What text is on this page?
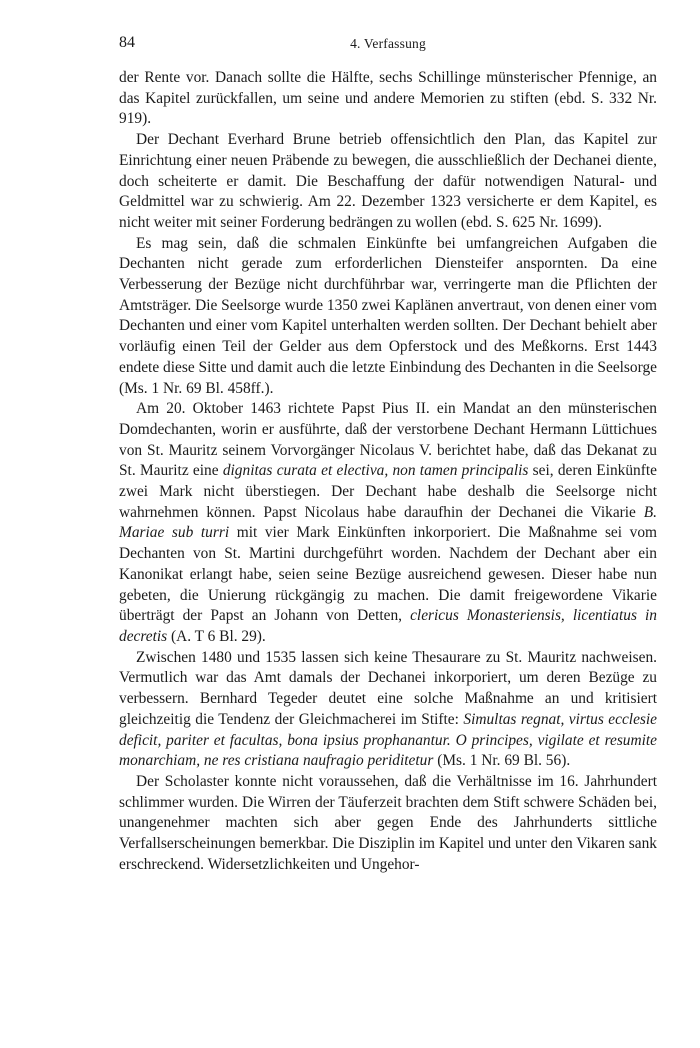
84	4. Verfassung

der Rente vor. Danach sollte die Hälfte, sechs Schillinge münsterischer Pfennige, an das Kapitel zurückfallen, um seine und andere Memorien zu stiften (ebd. S. 332 Nr. 919).

Der Dechant Everhard Brune betrieb offensichtlich den Plan, das Kapitel zur Einrichtung einer neuen Präbende zu bewegen, die ausschließlich der Dechanei diente, doch scheiterte er damit. Die Beschaffung der dafür notwendigen Natural- und Geldmittel war zu schwierig. Am 22. Dezember 1323 versicherte er dem Kapitel, es nicht weiter mit seiner Forderung bedrängen zu wollen (ebd. S. 625 Nr. 1699).

Es mag sein, daß die schmalen Einkünfte bei umfangreichen Aufgaben die Dechanten nicht gerade zum erforderlichen Diensteifer anspornten. Da eine Verbesserung der Bezüge nicht durchführbar war, verringerte man die Pflichten der Amtsträger. Die Seelsorge wurde 1350 zwei Kaplänen anvertraut, von denen einer vom Dechanten und einer vom Kapitel unterhalten werden sollten. Der Dechant behielt aber vorläufig einen Teil der Gelder aus dem Opferstock und des Meßkorns. Erst 1443 endete diese Sitte und damit auch die letzte Einbindung des Dechanten in die Seelsorge (Ms. 1 Nr. 69 Bl. 458ff.).

Am 20. Oktober 1463 richtete Papst Pius II. ein Mandat an den münsterischen Domdechanten, worin er ausführte, daß der verstorbene Dechant Hermann Lüttichues von St. Mauritz seinem Vorvorgänger Nicolaus V. berichtet habe, daß das Dekanat zu St. Mauritz eine dignitas curata et electiva, non tamen principalis sei, deren Einkünfte zwei Mark nicht überstiegen. Der Dechant habe deshalb die Seelsorge nicht wahrnehmen können. Papst Nicolaus habe daraufhin der Dechanei die Vikarie B. Mariae sub turri mit vier Mark Einkünften inkorporiert. Die Maßnahme sei vom Dechanten von St. Martini durchgeführt worden. Nachdem der Dechant aber ein Kanonikat erlangt habe, seien seine Bezüge ausreichend gewesen. Dieser habe nun gebeten, die Unierung rückgängig zu machen. Die damit freigewordene Vikarie überträgt der Papst an Johann von Detten, clericus Monasteriensis, licentiatus in decretis (A. T 6 Bl. 29).

Zwischen 1480 und 1535 lassen sich keine Thesaurare zu St. Mauritz nachweisen. Vermutlich war das Amt damals der Dechanei inkorporiert, um deren Bezüge zu verbessern. Bernhard Tegeder deutet eine solche Maßnahme an und kritisiert gleichzeitig die Tendenz der Gleichmacherei im Stifte: Simultas regnat, virtus ecclesie deficit, pariter et facultas, bona ipsius prophanantur. O principes, vigilate et resumite monarchiam, ne res cristiana naufragio periditetur (Ms. 1 Nr. 69 Bl. 56).

Der Scholaster konnte nicht voraussehen, daß die Verhältnisse im 16. Jahrhundert schlimmer wurden. Die Wirren der Täuferzeit brachten dem Stift schwere Schäden bei, unangenehmer machten sich aber gegen Ende des Jahrhunderts sittliche Verfallserscheinungen bemerkbar. Die Disziplin im Kapitel und unter den Vikaren sank erschreckend. Widersetzlichkeiten und Ungehor-
